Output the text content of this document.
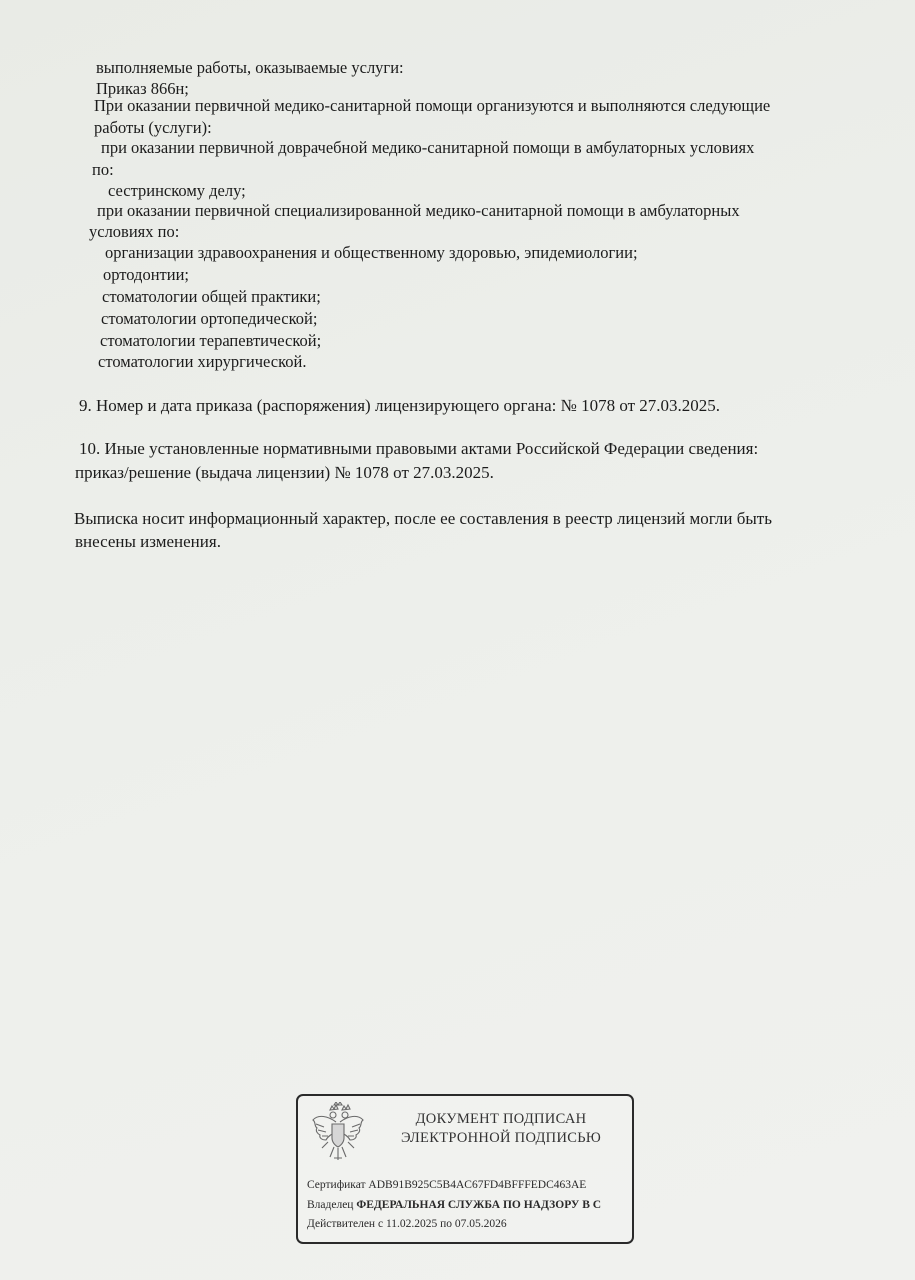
выполняемые работы, оказываемые услуги:
Приказ 866н;
При оказании первичной медико-санитарной помощи организуются и выполняются следующие
работы (услуги):
при оказании первичной доврачебной медико-санитарной помощи в амбулаторных условиях
по:
сестринскому делу;
при оказании первичной специализированной медико-санитарной помощи в амбулаторных
условиях по:
организации здравоохранения и общественному здоровью, эпидемиологии;
ортодонтии;
стоматологии общей практики;
стоматологии ортопедической;
стоматологии терапевтической;
стоматологии хирургической.
9. Номер и дата приказа (распоряжения) лицензирующего органа: № 1078 от 27.03.2025.
10. Иные установленные нормативными правовыми актами Российской Федерации сведения:
приказ/решение (выдача лицензии) № 1078 от 27.03.2025.
Выписка носит информационный характер, после ее составления в реестр лицензий могли быть
внесены изменения.
ДОКУМЕНТ ПОДПИСАН
ЭЛЕКТРОННОЙ ПОДПИСЬЮ
Сертификат ADB91B925C5B4AC67FD4BFFFEDC463AE
Владелец ФЕДЕРАЛЬНАЯ СЛУЖБА ПО НАДЗОРУ В С
Действителен с 11.02.2025 по 07.05.2026
